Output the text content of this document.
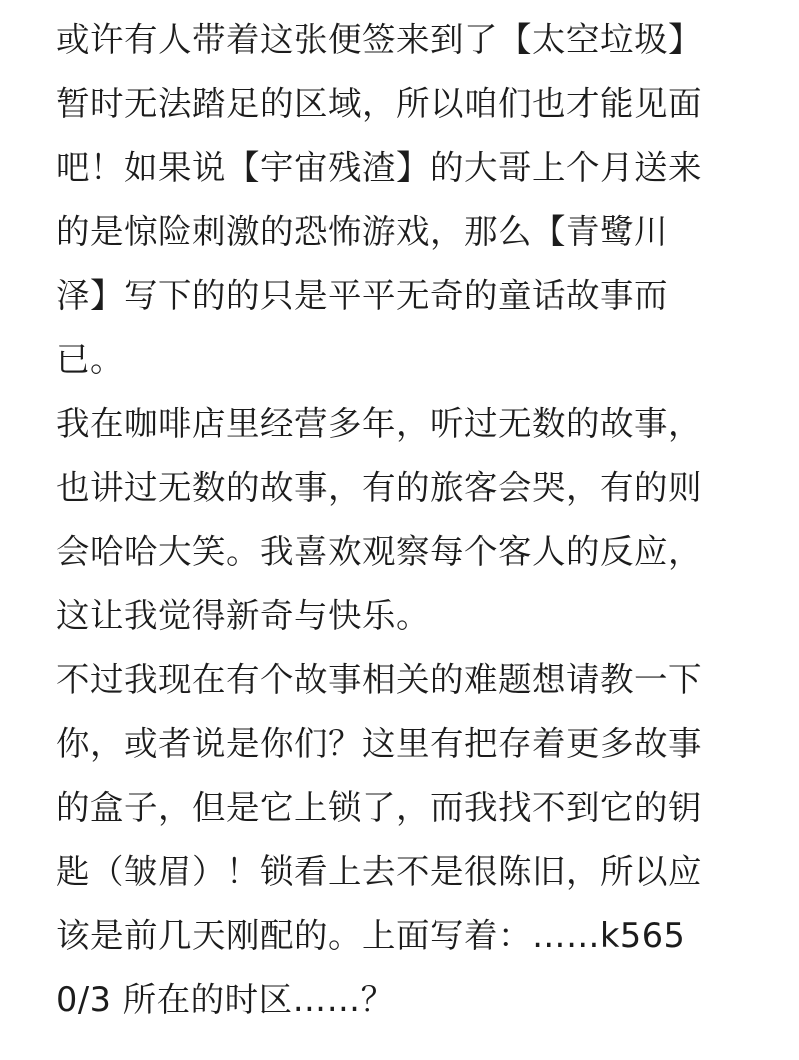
或许有人带着这张便签来到了【太空垃圾】
暂时无法踏足的区域，所以咱们也才能见面
吧！如果说【宇宙残渣】的大哥上个月送来
的是惊险刺激的恐怖游戏，那么【青鹭川
泽】写下的的只是平平无奇的童话故事而
已。
我在咖啡店里经营多年，听过无数的故事，
也讲过无数的故事，有的旅客会哭，有的则
会哈哈大笑。我喜欢观察每个客人的反应，
这让我觉得新奇与快乐。
不过我现在有个故事相关的难题想请教一下
你，或者说是你们？这里有把存着更多故事
的盒子，但是它上锁了，而我找不到它的钥
匙（皱眉）！锁看上去不是很陈旧，所以应
该是前几天刚配的。上面写着：……k565
0/3 所在的时区……？
